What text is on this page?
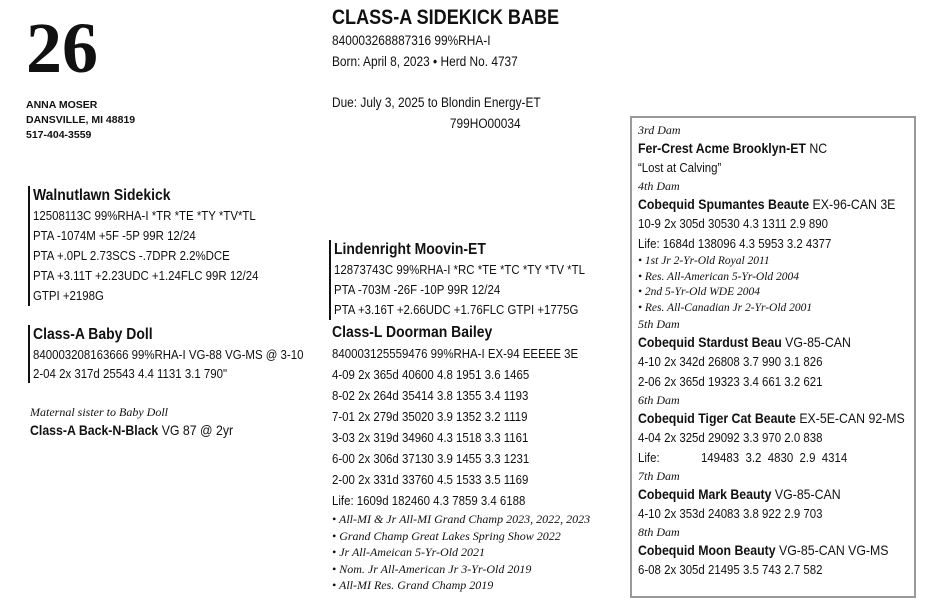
26
ANNA MOSER
DANSVILLE, MI 48819
517-404-3559
CLASS-A SIDEKICK BABE
840003268887316 99%RHA-I
Born: April 8, 2023 • Herd No. 4737
Due: July 3, 2025 to Blondin Energy-ET
799HO00034
Walnutlawn Sidekick
12508113C 99%RHA-I *TR *TE *TY *TV*TL
PTA -1074M +5F -5P 99R 12/24
PTA +.0PL 2.73SCS -.7DPR 2.2%DCE
PTA +3.11T +2.23UDC +1.24FLC 99R 12/24
GTPI +2198G
Class-A Baby Doll
840003208163666 99%RHA-I VG-88 VG-MS @ 3-10
2-04 2x 317d 25543 4.4 1131 3.1 790"
Maternal sister to Baby Doll
Class-A Back-N-Black VG 87 @ 2yr
Lindenright Moovin-ET
12873743C 99%RHA-I *RC *TE *TC *TY *TV *TL
PTA -703M -26F -10P 99R 12/24
PTA +3.16T +2.66UDC +1.76FLC GTPI +1775G
Class-L Doorman Bailey
840003125559476 99%RHA-I EX-94 EEEEE 3E
4-09 2x 365d 40600 4.8 1951 3.6 1465
8-02 2x 264d 35414 3.8 1355 3.4 1193
7-01 2x 279d 35020 3.9 1352 3.2 1119
3-03 2x 319d 34960 4.3 1518 3.3 1161
6-00 2x 306d 37130 3.9 1455 3.3 1231
2-00 2x 331d 33760 4.5 1533 3.5 1169
Life: 1609d 182460 4.3 7859 3.4 6188
• All-MI & Jr All-MI Grand Champ 2023, 2022, 2023
• Grand Champ Great Lakes Spring Show 2022
• Jr All-Ameican 5-Yr-Old 2021
• Nom. Jr All-American Jr 3-Yr-Old 2019
• All-MI Res. Grand Champ 2019
3rd Dam
Fer-Crest Acme Brooklyn-ET NC
“Lost at Calving”
4th Dam
Cobequid Spumantes Beaute EX-96-CAN 3E
10-9 2x 305d 30530 4.3 1311 2.9 890
Life: 1684d 138096 4.3 5953 3.2 4377
• 1st Jr 2-Yr-Old Royal 2011
• Res. All-American 5-Yr-Old 2004
• 2nd 5-Yr-Old WDE 2004
• Res. All-Canadian Jr 2-Yr-Old 2001
5th Dam
Cobequid Stardust Beau VG-85-CAN
4-10 2x 342d 26808 3.7 990 3.1 826
2-06 2x 365d 19323 3.4 661 3.2 621
6th Dam
Cobequid Tiger Cat Beaute EX-5E-CAN 92-MS
4-04 2x 325d 29092 3.3 970 2.0 838
Life:             149483  3.2  4830  2.9  4314
7th Dam
Cobequid Mark Beauty VG-85-CAN
4-10 2x 353d 24083 3.8 922 2.9 703
8th Dam
Cobequid Moon Beauty VG-85-CAN VG-MS
6-08 2x 305d 21495 3.5 743 2.7 582
